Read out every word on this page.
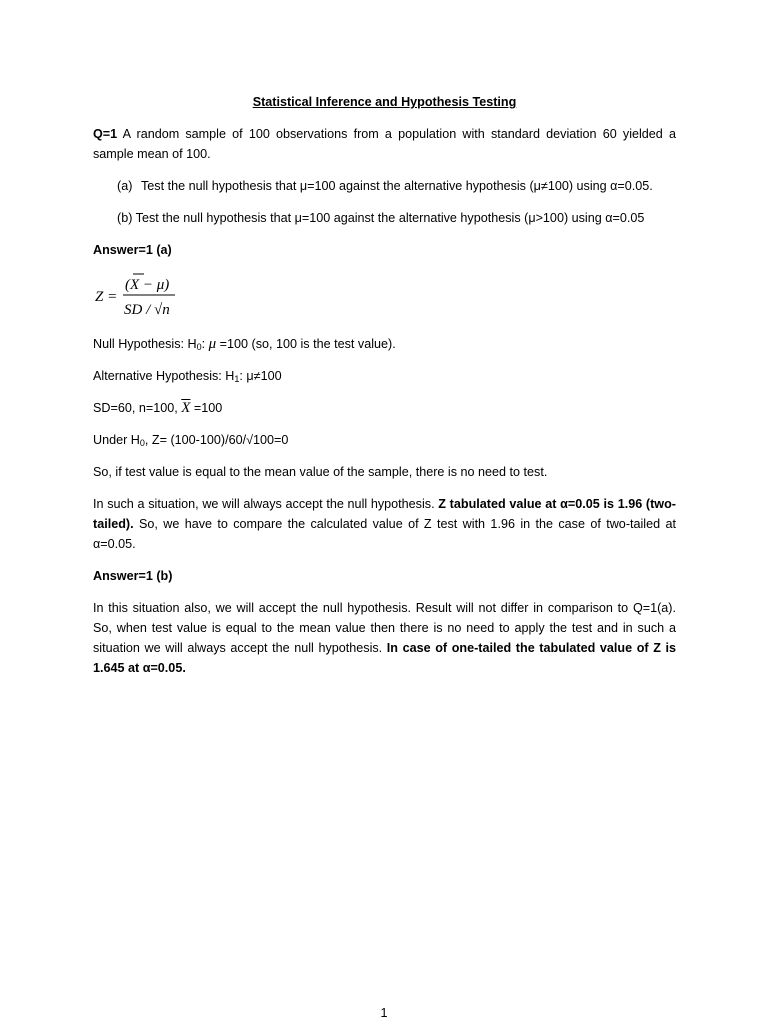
Statistical Inference and Hypothesis Testing

Q=1 A random sample of 100 observations from a population with standard deviation 60 yielded a sample mean of 100.

(a) Test the null hypothesis that μ=100 against the alternative hypothesis (μ≠100) using α=0.05.

(b) Test the null hypothesis that μ=100 against the alternative hypothesis (μ>100) using α=0.05

Answer=1 (a)

Z =
(X − μ)
SD / √n

Null Hypothesis: $H_0$: μ =100 (so, 100 is the test value).

Alternative Hypothesis: $H_1$: μ≠100

SD=60, n=100, $\overline{X} =100$

Under $H_0$, Z= (100-100)/60/√100=0

So, if test value is equal to the mean value of the sample, there is no need to test.

In such a situation, we will always accept the null hypothesis. Z tabulated value at α=0.05 is 1.96 (two-tailed). So, we have to compare the calculated value of Z test with 1.96 in the case of two-tailed at α=0.05.

Answer=1 (b)

In this situation also, we will accept the null hypothesis. Result will not differ in comparison to Q=1(a). So, when test value is equal to the mean value then there is no need to apply the test and in such a situation we will always accept the null hypothesis. In case of one-tailed the tabulated value of Z is 1.645 at α=0.05.

1
